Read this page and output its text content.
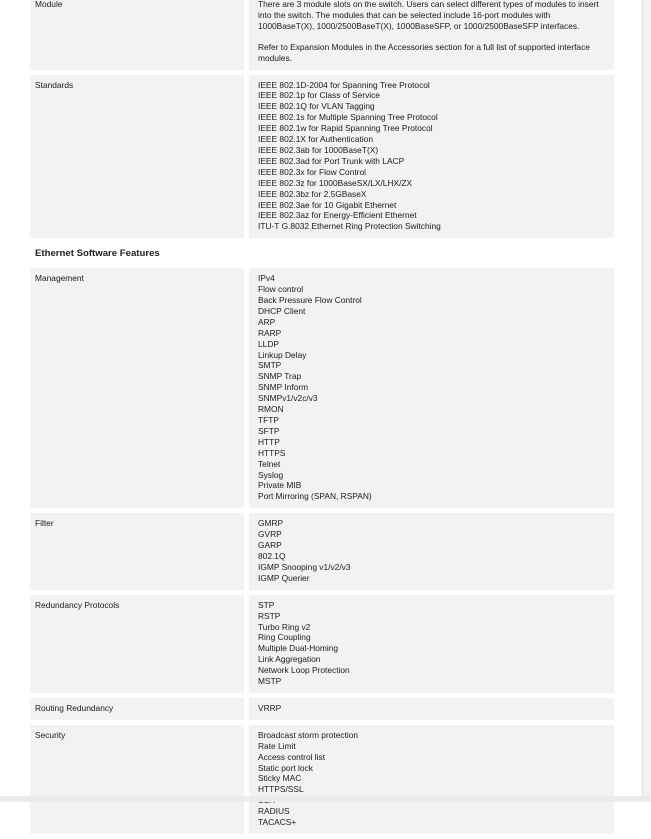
Module	There are 3 module slots on the switch. Users can select different types of modules to insert into the switch. The modules that can be selected include 16-port modules with 1000BaseT(X), 1000/2500BaseT(X), 1000BaseSFP, or 1000/2500BaseSFP interfaces.
Refer to Expansion Modules in the Accessories section for a full list of supported interface modules.
Standards	IEEE 802.1D-2004 for Spanning Tree Protocol
IEEE 802.1p for Class of Service
IEEE 802.1Q for VLAN Tagging
IEEE 802.1s for Multiple Spanning Tree Protocol
IEEE 802.1w for Rapid Spanning Tree Protocol
IEEE 802.1X for Authentication
IEEE 802.3ab for 1000BaseT(X)
IEEE 802.3ad for Port Trunk with LACP
IEEE 802.3x for Flow Control
IEEE 802.3z for 1000BaseSX/LX/LHX/ZX
IEEE 802.3bz for 2.5GBaseX
IEEE 802.3ae for 10 Gigabit Ethernet
IEEE 802.3az for Energy-Efficient Ethernet
ITU-T G.8032 Ethernet Ring Protection Switching
Ethernet Software Features
Management	IPv4
Flow control
Back Pressure Flow Control
DHCP Client
ARP
RARP
LLDP
Linkup Delay
SMTP
SNMP Trap
SNMP Inform
SNMPv1/v2c/v3
RMON
TFTP
SFTP
HTTP
HTTPS
Telnet
Syslog
Private MIB
Port Mirroring (SPAN, RSPAN)
Filter	GMRP
GVRP
GARP
802.1Q
IGMP Snooping v1/v2/v3
IGMP Querier
Redundancy Protocols	STP
RSTP
Turbo Ring v2
Ring Coupling
Multiple Dual-Homing
Link Aggregation
Network Loop Protection
MSTP
Routing Redundancy	VRRP
Security	Broadcast storm protection
Rate Limit
Access control list
Static port lock
Sticky MAC
HTTPS/SSL
RADIUS
TACACS+
